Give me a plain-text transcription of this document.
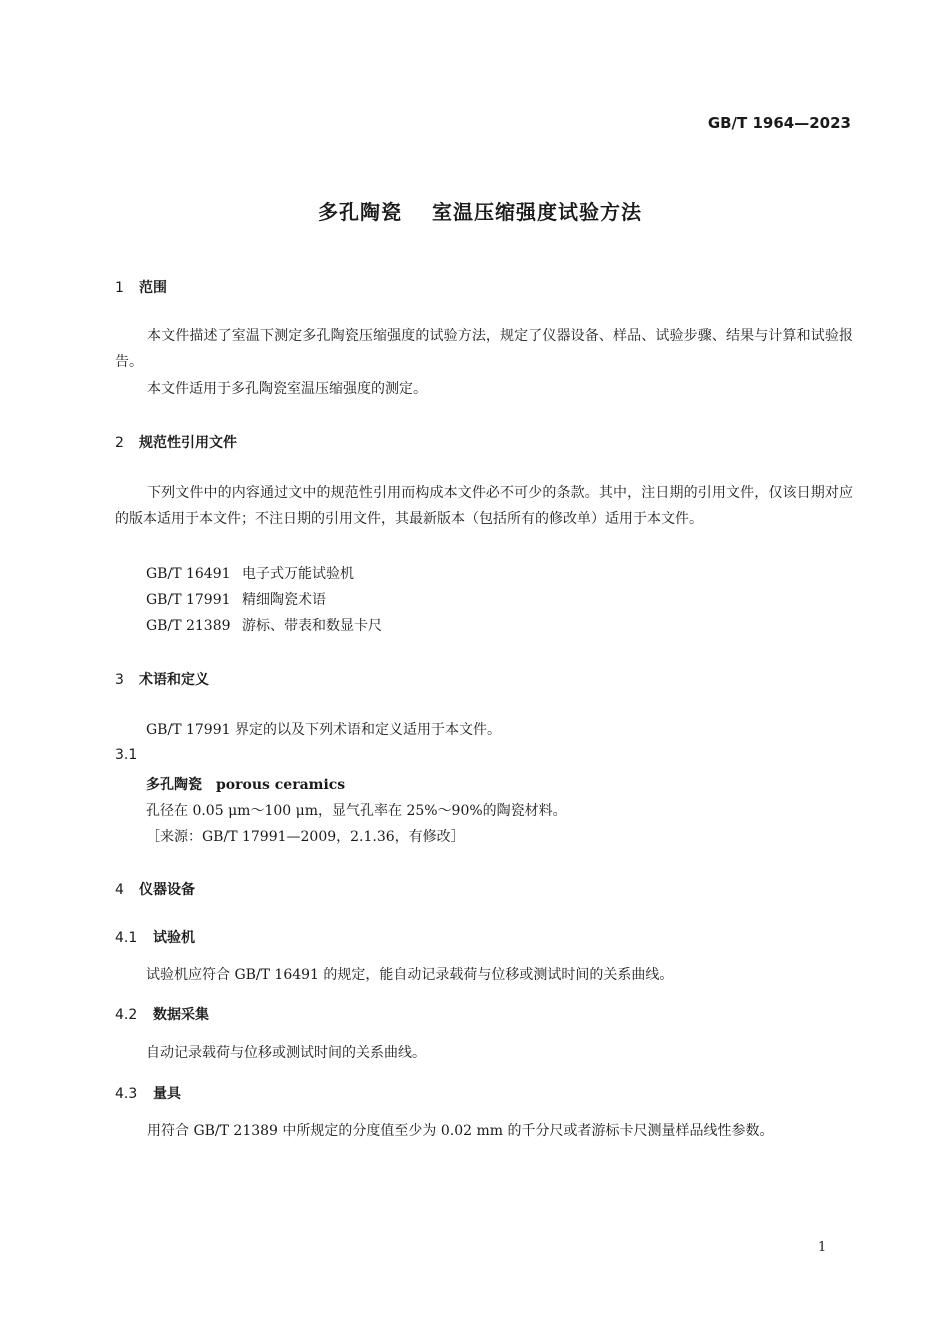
GB/T 1964—2023
多孔陶瓷 室温压缩强度试验方法
1 范围
本文件描述了室温下测定多孔陶瓷压缩强度的试验方法，规定了仪器设备、样品、试验步骤、结果与计算和试验报告。
本文件适用于多孔陶瓷室温压缩强度的测定。
2 规范性引用文件
下列文件中的内容通过文中的规范性引用而构成本文件必不可少的条款。其中，注日期的引用文件，仅该日期对应的版本适用于本文件；不注日期的引用文件，其最新版本（包括所有的修改单）适用于本文件。
GB/T 16491 电子式万能试验机
GB/T 17991 精细陶瓷术语
GB/T 21389 游标、带表和数显卡尺
3 术语和定义
GB/T 17991 界定的以及下列术语和定义适用于本文件。
3.1
多孔陶瓷 porous ceramics
孔径在 0.05 μm～100 μm，显气孔率在 25%～90%的陶瓷材料。
［来源：GB/T 17991—2009，2.1.36，有修改］
4 仪器设备
4.1 试验机
试验机应符合 GB/T 16491 的规定，能自动记录载荷与位移或测试时间的关系曲线。
4.2 数据采集
自动记录载荷与位移或测试时间的关系曲线。
4.3 量具
用符合 GB/T 21389 中所规定的分度值至少为 0.02 mm 的千分尺或者游标卡尺测量样品线性参数。
1
